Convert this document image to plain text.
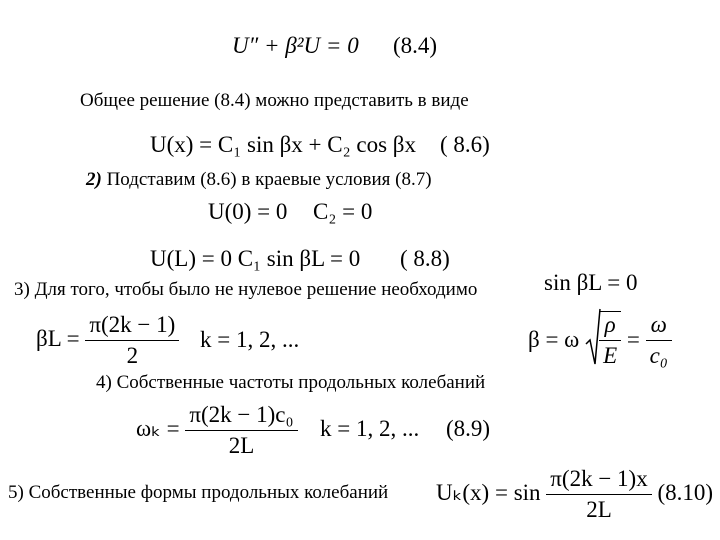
U″ + β²U = 0 (8.4)
Общее решение (8.4) можно представить в виде
U(x) = C₁ sin βx + C₂ cos βx ( 8.6)
2) Подставим (8.6) в краевые условия (8.7)
U(0) = 0 C₂ = 0
U(L) = 0 C₁ sin βL = 0 ( 8.8)
3) Для того, чтобы было не нулевое решение необходимо	sin βL = 0
$\beta L = \frac{\pi(2k - 1)}{2}$ k = 1, 2, ...	β = ω $\frac{\rho}{E} = \frac{\omega}{\text{c₀}}$
4) Собственные частоты продольных колебаний
$\omega_k = \frac{\text{π(2k − 1)c₀}}{2L}$ k = 1, 2, ... (8.9)
5) Собственные формы продольных колебаний $U_k(x) = \sin \frac{\pi(2k - 1)x}{2L} (8.10)$
